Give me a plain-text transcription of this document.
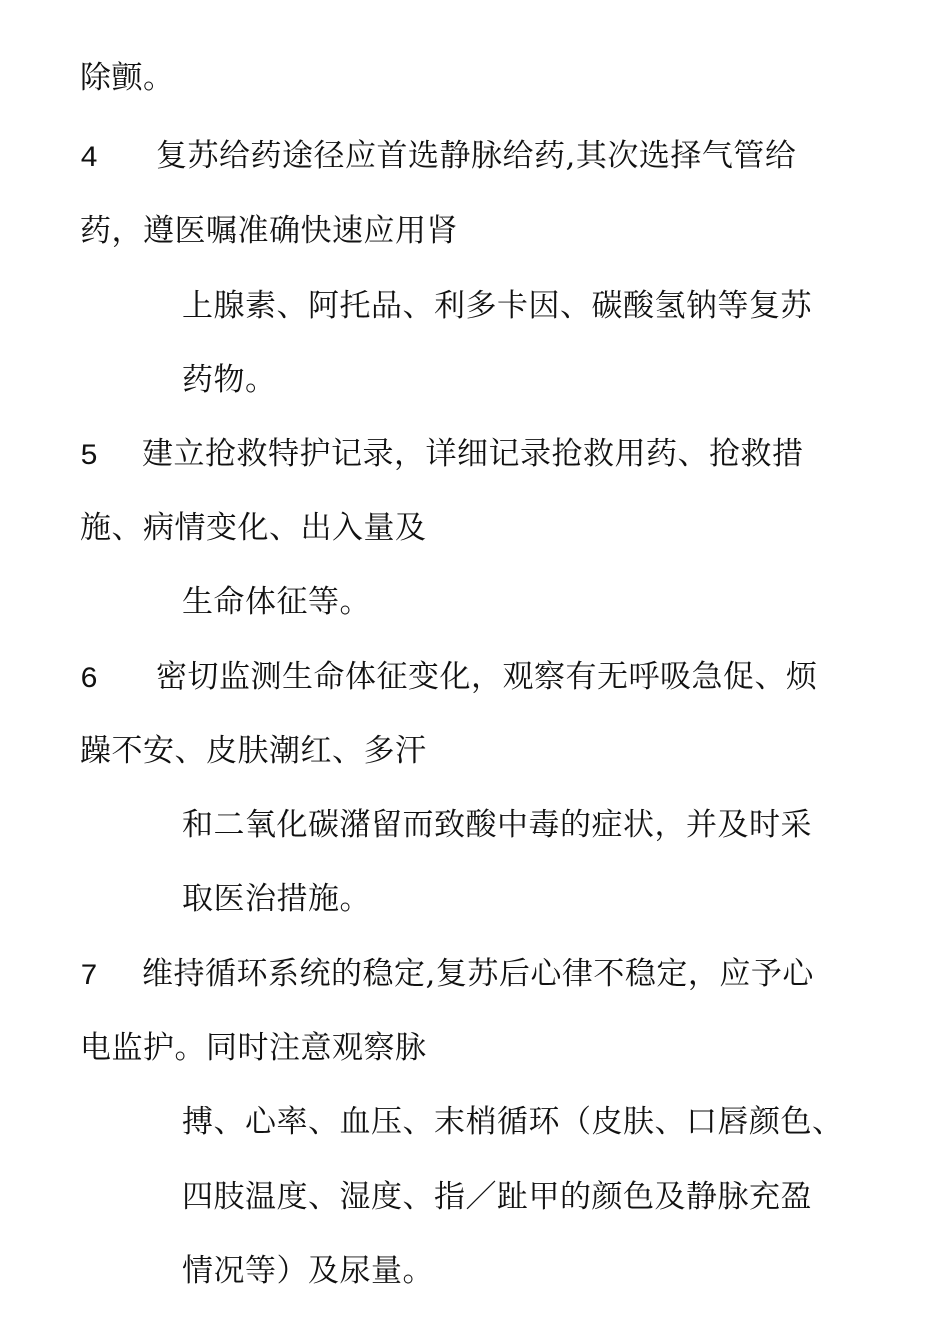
除颤。
4 复苏给药途径应首选静脉给药,其次选择气管给
药，遵医嘱准确快速应用肾
上腺素、阿托品、利多卡因、碳酸氢钠等复苏
药物。
5 建立抢救特护记录，详细记录抢救用药、抢救措
施、病情变化、出入量及
生命体征等。
6 密切监测生命体征变化，观察有无呼吸急促、烦
躁不安、皮肤潮红、多汗
和二氧化碳潴留而致酸中毒的症状，并及时采
取医治措施。
7 维持循环系统的稳定,复苏后心律不稳定，应予心
电监护。同时注意观察脉
搏、心率、血压、末梢循环（皮肤、口唇颜色、
四肢温度、湿度、指／趾甲的颜色及静脉充盈
情况等）及尿量。
